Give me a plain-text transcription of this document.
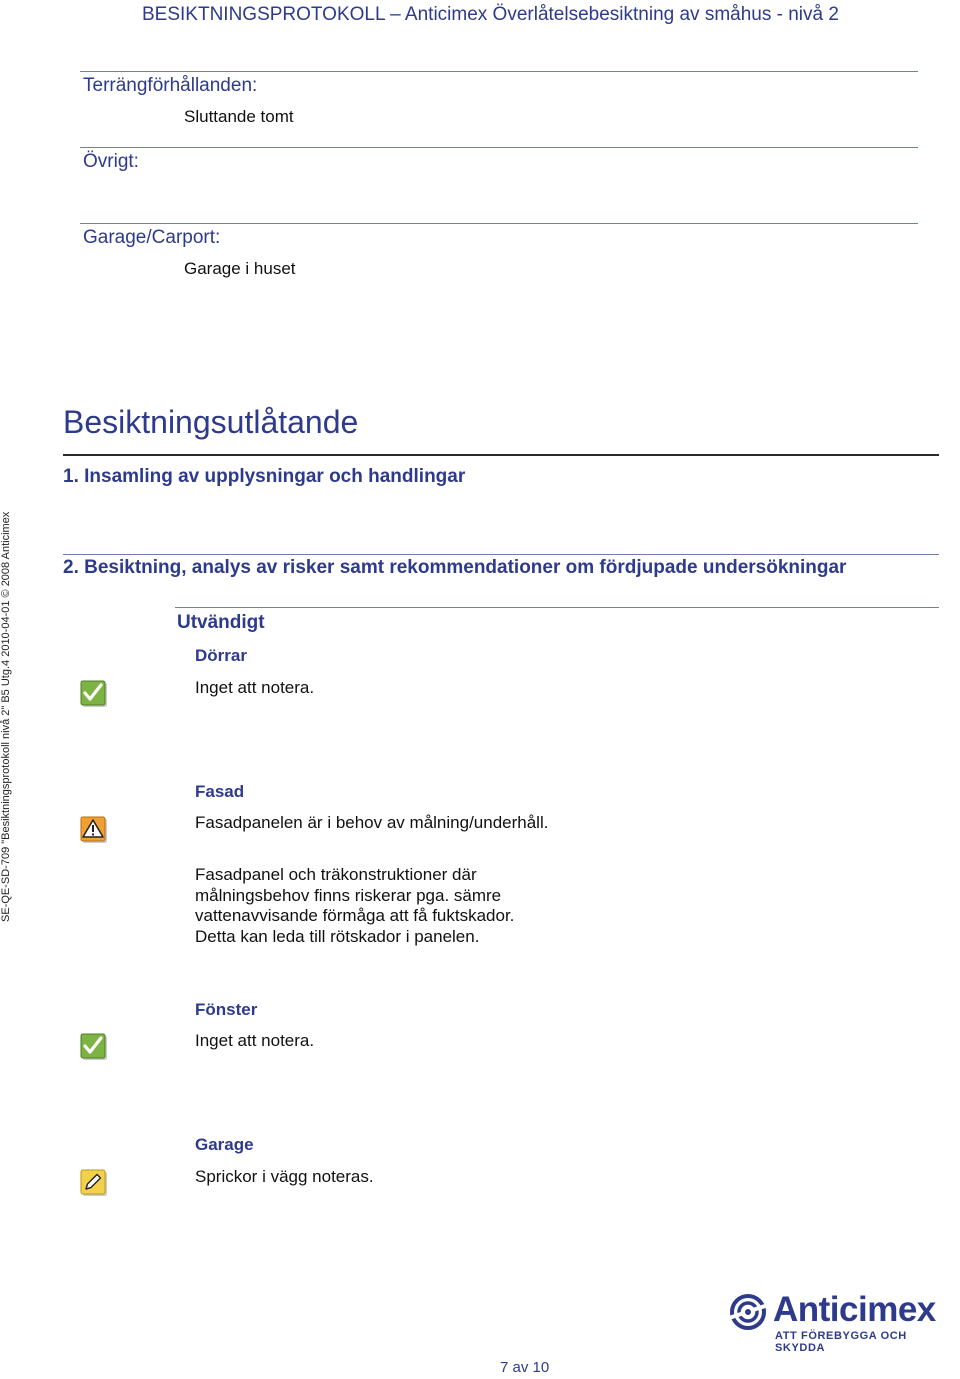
BESIKTNINGSPROTOKOLL – Anticimex Överlåtelsebesiktning av småhus - nivå 2
SE-QE-SD-709 "Besiktningsprotokoll nivå 2" B5 Utg.4 2010-04-01 © 2008 Anticimex
Terrängförhållanden:
Sluttande tomt
Övrigt:
Garage/Carport:
Garage i huset
Besiktningsutlåtande
1. Insamling av upplysningar och handlingar
2. Besiktning, analys av risker samt rekommendationer om fördjupade undersökningar
Utvändigt
Dörrar
Inget att notera.
Fasad
Fasadpanelen är i behov av målning/underhåll.
Fasadpanel och träkonstruktioner där målningsbehov finns riskerar pga. sämre vattenavvisande förmåga att få fuktskador. Detta kan leda till rötskador i panelen.
Fönster
Inget att notera.
Garage
Sprickor i vägg noteras.
Anticimex
ATT FÖREBYGGA OCH SKYDDA
7 av 10
